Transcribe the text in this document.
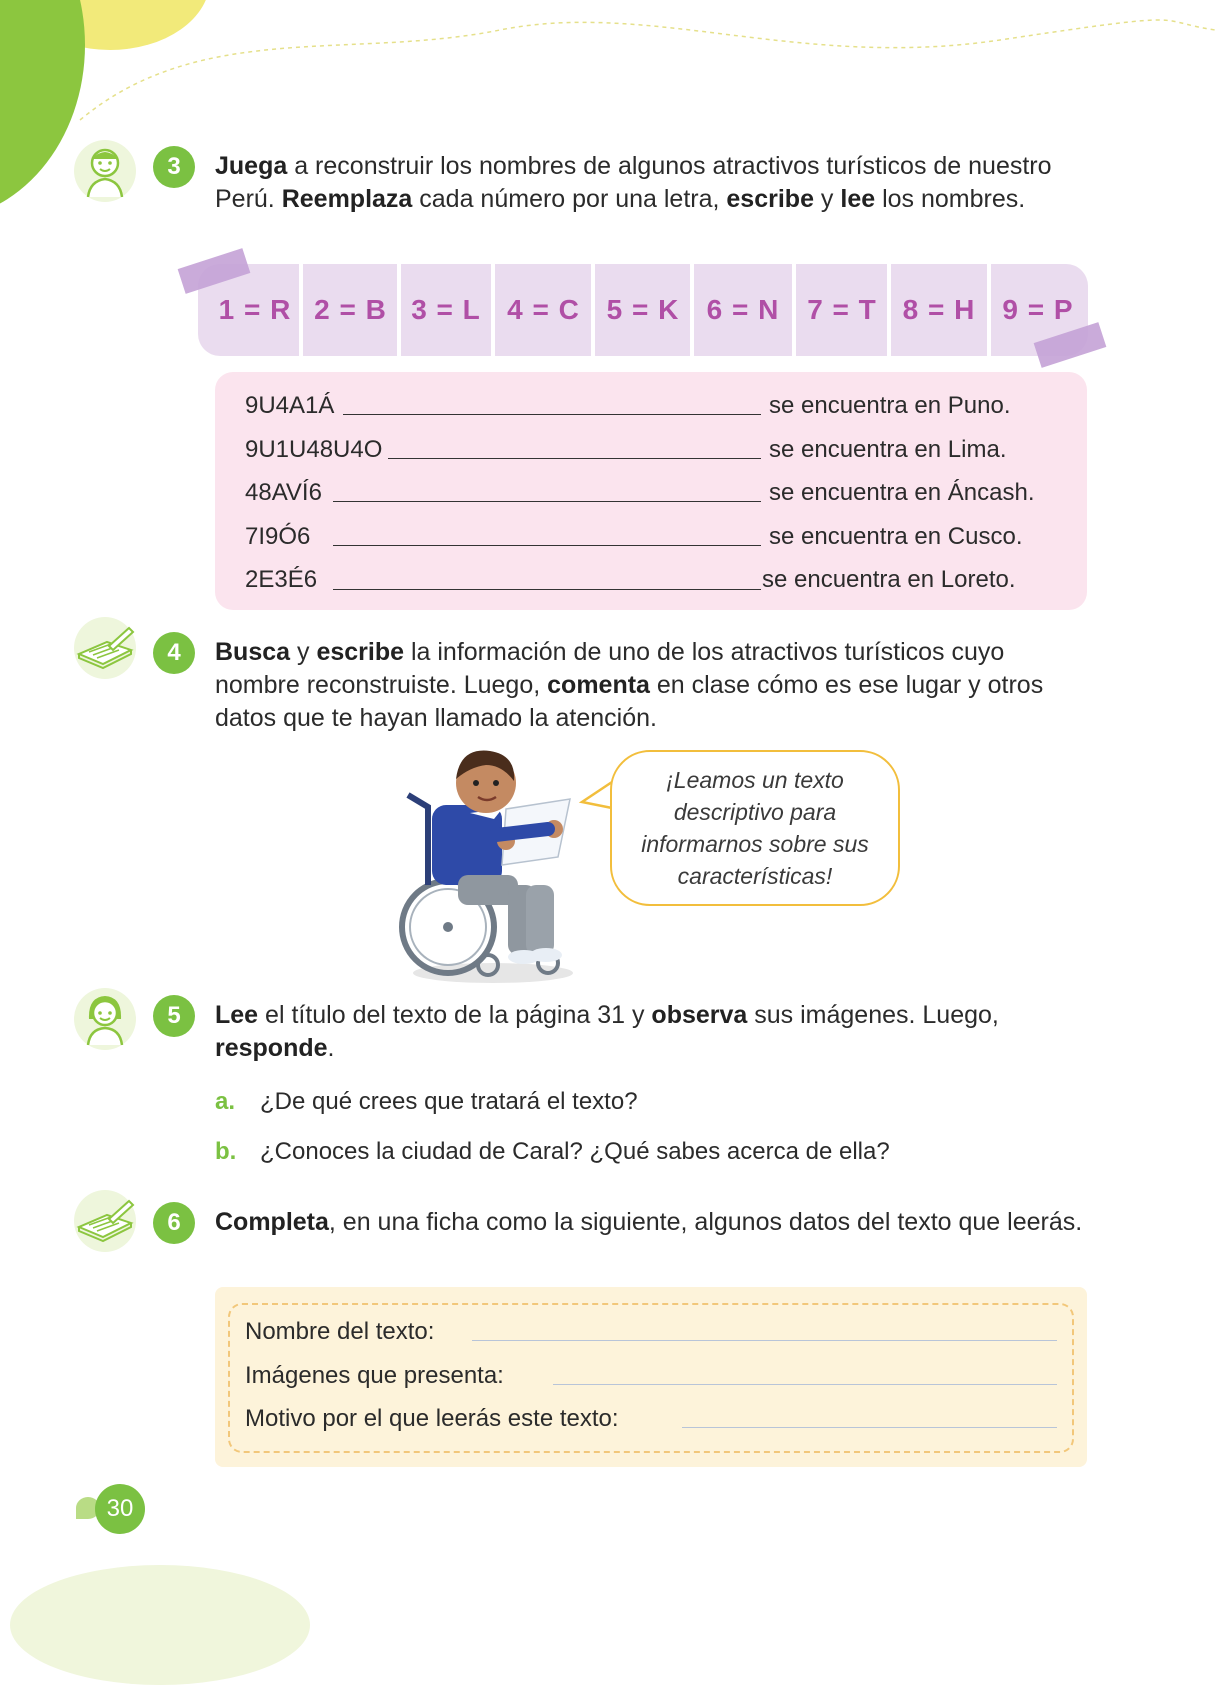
3	Juega a reconstruir los nombres de algunos atractivos turísticos de nuestro Perú. Reemplaza cada número por una letra, escribe y lee los nombres.
1 = R 2 = B 3 = L 4 = C 5 = K 6 = N 7 = T 8 = H 9 = P
9U4A1Á	se encuentra en Puno.
9U1U48U4O	se encuentra en Lima.
48AVÍ6	se encuentra en Áncash.
7I9Ó6	se encuentra en Cusco.
2E3É6	se encuentra en Loreto.
4	Busca y escribe la información de uno de los atractivos turísticos cuyo nombre reconstruiste. Luego, comenta en clase cómo es ese lugar y otros datos que te hayan llamado la atención.
¡Leamos un texto descriptivo para informarnos sobre sus características!
5	Lee el título del texto de la página 31 y observa sus imágenes. Luego, responde.
a. ¿De qué crees que tratará el texto?
b. ¿Conoces la ciudad de Caral? ¿Qué sabes acerca de ella?
6	Completa, en una ficha como la siguiente, algunos datos del texto que leerás.
Nombre del texto:
Imágenes que presenta:
Motivo por el que leerás este texto:
30
